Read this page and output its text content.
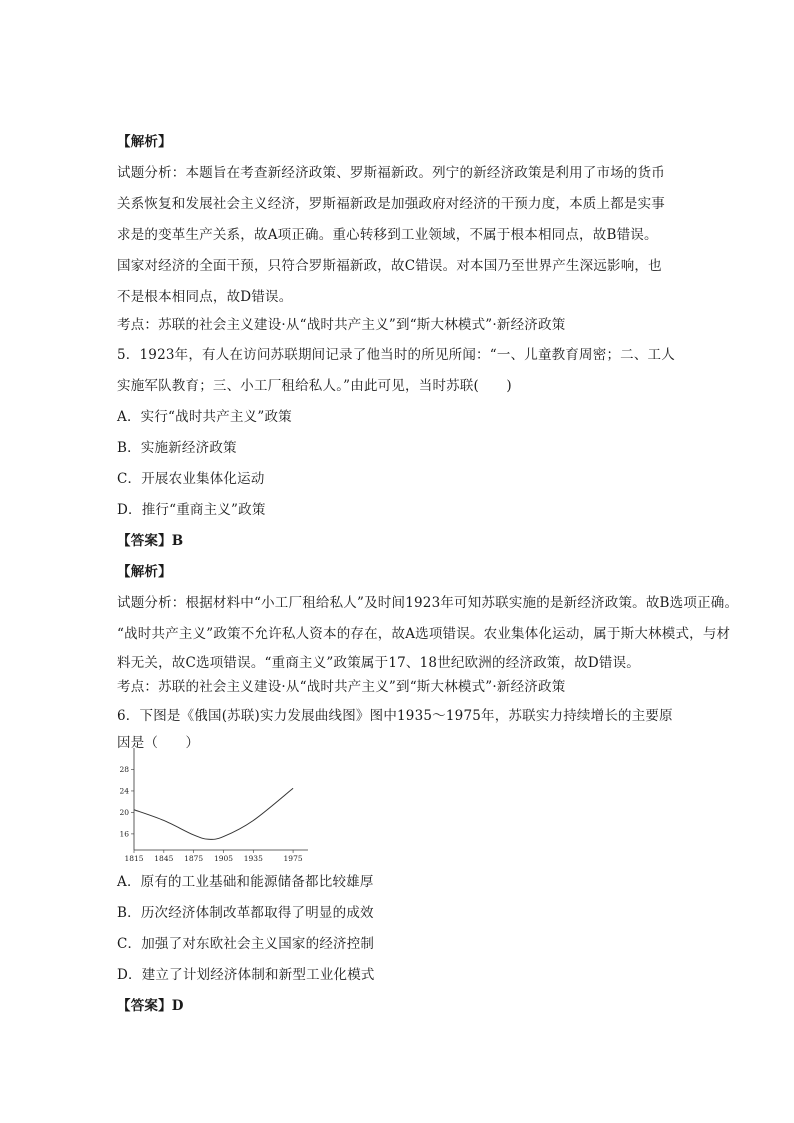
【解析】
试题分析：本题旨在考查新经济政策、罗斯福新政。列宁的新经济政策是利用了市场的货币
关系恢复和发展社会主义经济，罗斯福新政是加强政府对经济的干预力度，本质上都是实事
求是的变革生产关系，故A项正确。重心转移到工业领域，不属于根本相同点，故B错误。
国家对经济的全面干预，只符合罗斯福新政，故C错误。对本国乃至世界产生深远影响，也
不是根本相同点，故D错误。
考点：苏联的社会主义建设·从“战时共产主义”到“斯大林模式”·新经济政策
5．1923年，有人在访问苏联期间记录了他当时的所见所闻：“一、儿童教育周密；二、工人
实施军队教育；三、小工厂租给私人。”由此可见，当时苏联(　　)
A．实行“战时共产主义”政策
B．实施新经济政策
C．开展农业集体化运动
D．推行“重商主义”政策
【答案】B
【解析】
试题分析：根据材料中“小工厂租给私人”及时间1923年可知苏联实施的是新经济政策。故B选项正确。
“战时共产主义”政策不允许私人资本的存在，故A选项错误。农业集体化运动，属于斯大林模式，与材
料无关，故C选项错误。“重商主义”政策属于17、18世纪欧洲的经济政策，故D错误。
考点：苏联的社会主义建设·从“战时共产主义”到“斯大林模式”·新经济政策
6．下图是《俄国(苏联)实力发展曲线图》图中1935～1975年，苏联实力持续增长的主要原
因是（　　）
16
20
24
28
1815 1845 1875 1905 1935	1975
A．原有的工业基础和能源储备都比较雄厚
B．历次经济体制改革都取得了明显的成效
C．加强了对东欧社会主义国家的经济控制
D．建立了计划经济体制和新型工业化模式
【答案】D
